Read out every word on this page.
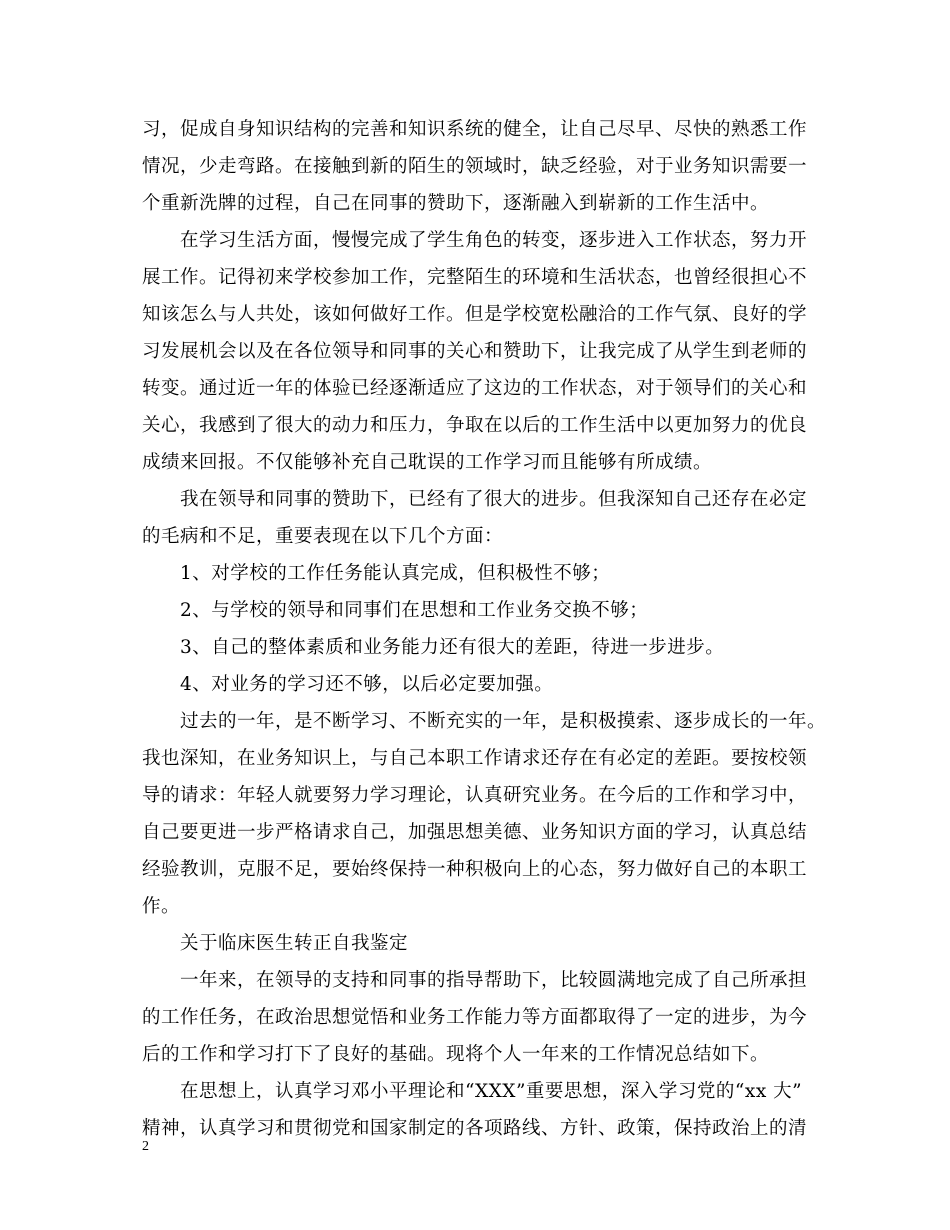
习，促成自身知识结构的完善和知识系统的健全，让自己尽早、尽快的熟悉工作
情况，少走弯路。在接触到新的陌生的领域时，缺乏经验，对于业务知识需要一
个重新洗牌的过程，自己在同事的赞助下，逐渐融入到崭新的工作生活中。
在学习生活方面，慢慢完成了学生角色的转变，逐步进入工作状态，努力开
展工作。记得初来学校参加工作，完整陌生的环境和生活状态，也曾经很担心不
知该怎么与人共处，该如何做好工作。但是学校宽松融洽的工作气氛、良好的学
习发展机会以及在各位领导和同事的关心和赞助下，让我完成了从学生到老师的
转变。通过近一年的体验已经逐渐适应了这边的工作状态，对于领导们的关心和
关心，我感到了很大的动力和压力，争取在以后的工作生活中以更加努力的优良
成绩来回报。不仅能够补充自己耽误的工作学习而且能够有所成绩。
我在领导和同事的赞助下，已经有了很大的进步。但我深知自己还存在必定
的毛病和不足，重要表现在以下几个方面：
1、对学校的工作任务能认真完成，但积极性不够；
2、与学校的领导和同事们在思想和工作业务交换不够；
3、自己的整体素质和业务能力还有很大的差距，待进一步进步。
4、对业务的学习还不够，以后必定要加强。
过去的一年，是不断学习、不断充实的一年，是积极摸索、逐步成长的一年。
我也深知，在业务知识上，与自己本职工作请求还存在有必定的差距。要按校领
导的请求：年轻人就要努力学习理论，认真研究业务。在今后的工作和学习中，
自己要更进一步严格请求自己，加强思想美德、业务知识方面的学习，认真总结
经验教训，克服不足，要始终保持一种积极向上的心态，努力做好自己的本职工
作。
关于临床医生转正自我鉴定
一年来，在领导的支持和同事的指导帮助下，比较圆满地完成了自己所承担
的工作任务，在政治思想觉悟和业务工作能力等方面都取得了一定的进步，为今
后的工作和学习打下了良好的基础。现将个人一年来的工作情况总结如下。
在思想上，认真学习邓小平理论和“XXX”重要思想，深入学习党的“xx 大”
精神，认真学习和贯彻党和国家制定的各项路线、方针、政策，保持政治上的清
2
